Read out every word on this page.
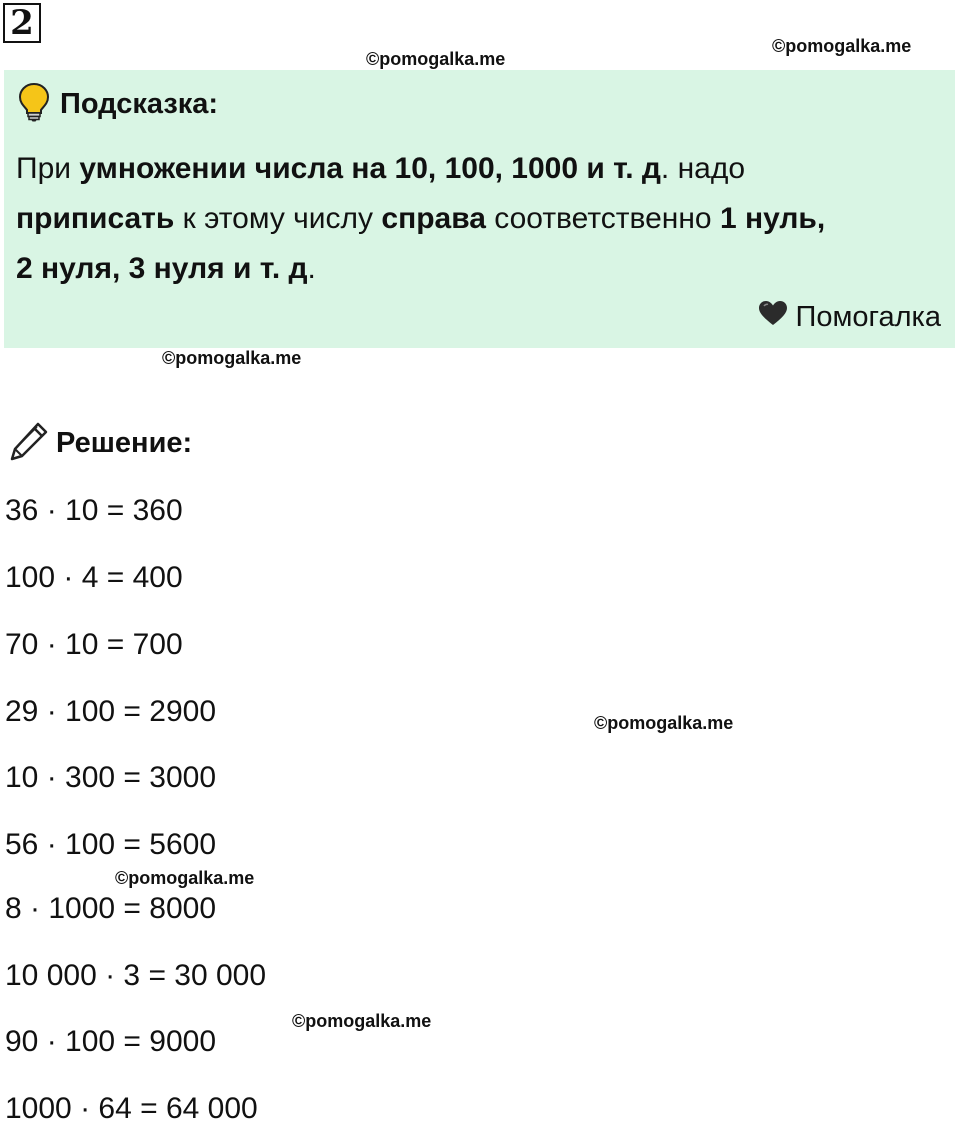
2
©pomogalka.me
©pomogalka.me
Подсказка:
При умножении числа на 10, 100, 1000 и т. д. надо
приписать к этому числу справа соответственно 1 нуль,
2 нуля, 3 нуля и т. д.
Помогалка
©pomogalka.me
Решение:
36 · 10 = 360
100 · 4 = 400
70 · 10 = 700
29 · 100 = 2900
10 · 300 = 3000
56 · 100 = 5600
8 · 1000 = 8000
10 000 · 3 = 30 000
90 · 100 = 9000
1000 · 64 = 64 000
©pomogalka.me
©pomogalka.me
©pomogalka.me
